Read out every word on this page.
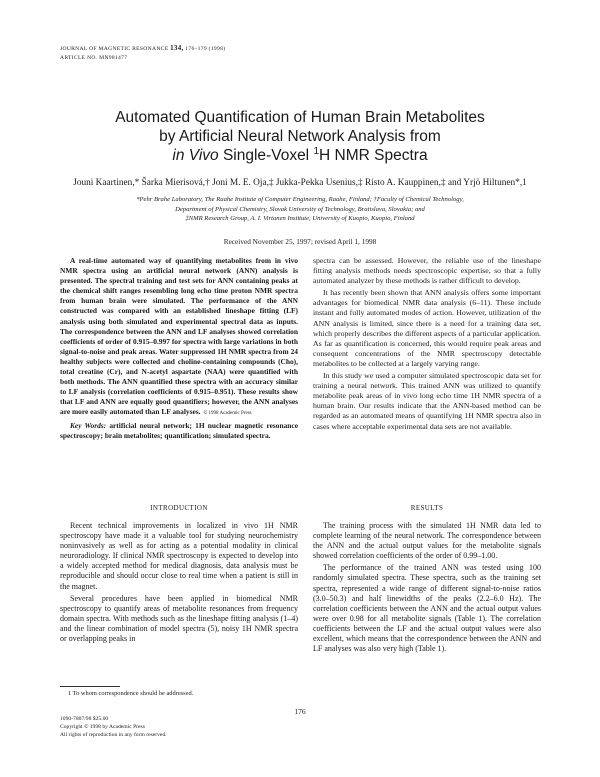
JOURNAL OF MAGNETIC RESONANCE 134, 176–179 (1998)
ARTICLE NO. MN981477
Automated Quantification of Human Brain Metabolites
by Artificial Neural Network Analysis from
in Vivo Single-Voxel $^1$H NMR Spectra
Jouni Kaartinen,* Šarka Mierisová,† Joni M. E. Oja,‡ Jukka-Pekka Usenius,‡ Risto A. Kauppinen,‡ and Yrjö Hiltunen*,1
*Pehr Brahe Laboratory, The Raahe Institute of Computer Engineering, Raahe, Finland; †Faculty of Chemical Technology,
Department of Physical Chemistry, Slovak University of Technology, Bratislava, Slovakia; and
‡NMR Research Group, A. I. Virtanen Institute, University of Kuopio, Kuopio, Finland
Received November 25, 1997; revised April 1, 1998
A real-time automated way of quantifying metabolites from in vivo NMR spectra using an artificial neural network (ANN) analysis is presented. The spectral training and test sets for ANN containing peaks at the chemical shift ranges resembling long echo time proton NMR spectra from human brain were simulated. The performance of the ANN constructed was compared with an established lineshape fitting (LF) analysis using both simulated and experimental spectral data as inputs. The correspondence between the ANN and LF analyses showed correlation coefficients of order of 0.915–0.997 for spectra with large variations in both signal-to-noise and peak areas. Water suppressed 1H NMR spectra from 24 healthy subjects were collected and choline-containing compounds (Cho), total creatine (Cr), and N-acetyl aspartate (NAA) were quantified with both methods. The ANN quantified these spectra with an accuracy similar to LF analysis (correlation coefficients of 0.915–0.951). These results show that LF and ANN are equally good quantifiers; however, the ANN analyses are more easily automated than LF analyses. © 1998 Academic Press
Key Words: artificial neural network; 1H nuclear magnetic resonance spectroscopy; brain metabolites; quantification; simulated spectra.

spectra can be assessed. However, the reliable use of the lineshape fitting analysis methods needs spectroscopic expertise, so that a fully automated analyzer by these methods is rather difficult to develop.

It has recently been shown that ANN analysis offers some important advantages for biomedical NMR data analysis (6–11). These include instant and fully automated modes of action. However, utilization of the ANN analysis is limited, since there is a need for a training data set, which properly describes the different aspects of a particular application. As far as quantification is concerned, this would require peak areas and consequent concentrations of the NMR spectroscopy detectable metabolites to be collected at a largely varying range.

In this study we used a computer simulated spectroscopic data set for training a neural network. This trained ANN was utilized to quantify metabolite peak areas of in vivo long echo time 1H NMR spectra of a human brain. Our results indicate that the ANN-based method can be regarded as an automated means of quantifying 1H NMR spectra also in cases where acceptable experimental data sets are not available.

INTRODUCTION	RESULTS

Recent technical improvements in localized in vivo 1H NMR spectroscopy have made it a valuable tool for studying neurochemistry noninvasively as well as for acting as a potential modality in clinical neuroradiology. If clinical NMR spectroscopy is expected to develop into a widely accepted method for medical diagnosis, data analysis must be reproducible and should occur close to real time when a patient is still in the magnet.

Several procedures have been applied in biomedical NMR spectroscopy to quantify areas of metabolite resonances from frequency domain spectra. With methods such as the lineshape fitting analysis (1–4) and the linear combination of model spectra (5), noisy 1H NMR spectra or overlapping peaks in

The training process with the simulated 1H NMR data led to complete learning of the neural network. The correspondence between the ANN and the actual output values for the metabolite signals showed correlation coefficients of the order of 0.99–1.00.

The performance of the trained ANN was tested using 100 randomly simulated spectra. These spectra, such as the training set spectra, represented a wide range of different signal-to-noise ratios (3.0–50.3) and half linewidths of the peaks (2.2–6.0 Hz). The correlation coefficients between the ANN and the actual output values were over 0.98 for all metabolite signals (Table 1). The correlation coefficients between the LF and the actual output values were also excellent, which means that the correspondence between the ANN and LF analyses was also very high (Table 1).

1 To whom correspondence should be addressed.
176
1090-7807/98 $25.00
Copyright © 1998 by Academic Press
All rights of reproduction in any form reserved.
